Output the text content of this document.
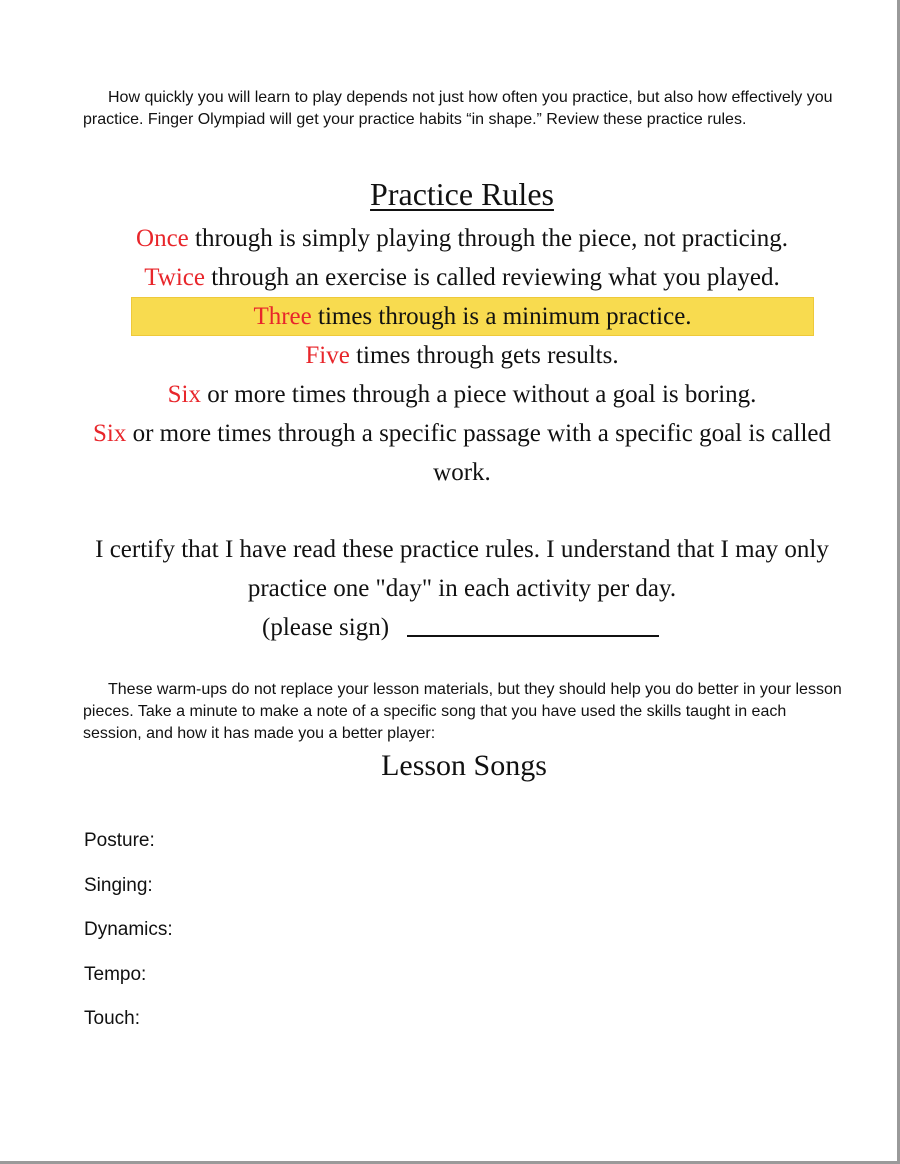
How quickly you will learn to play depends not just how often you practice, but also how effectively you practice. Finger Olympiad will get your practice habits “in shape.” Review these practice rules.

Practice Rules
Once through is simply playing through the piece, not practicing.
Twice through an exercise is called reviewing what you played.
Three times through is a minimum practice.
Five times through gets results.
Six or more times through a piece without a goal is boring.
Six or more times through a specific passage with a specific goal is called work.
I certify that I have read these practice rules. I understand that I may only practice one "day" in each activity per day.
(please sign)

These warm-ups do not replace your lesson materials, but they should help you do better in your lesson pieces. Take a minute to make a note of a specific song that you have used the skills taught in each session, and how it has made you a better player:

Lesson Songs
Posture:
Singing:
Dynamics:
Tempo:
Touch:
